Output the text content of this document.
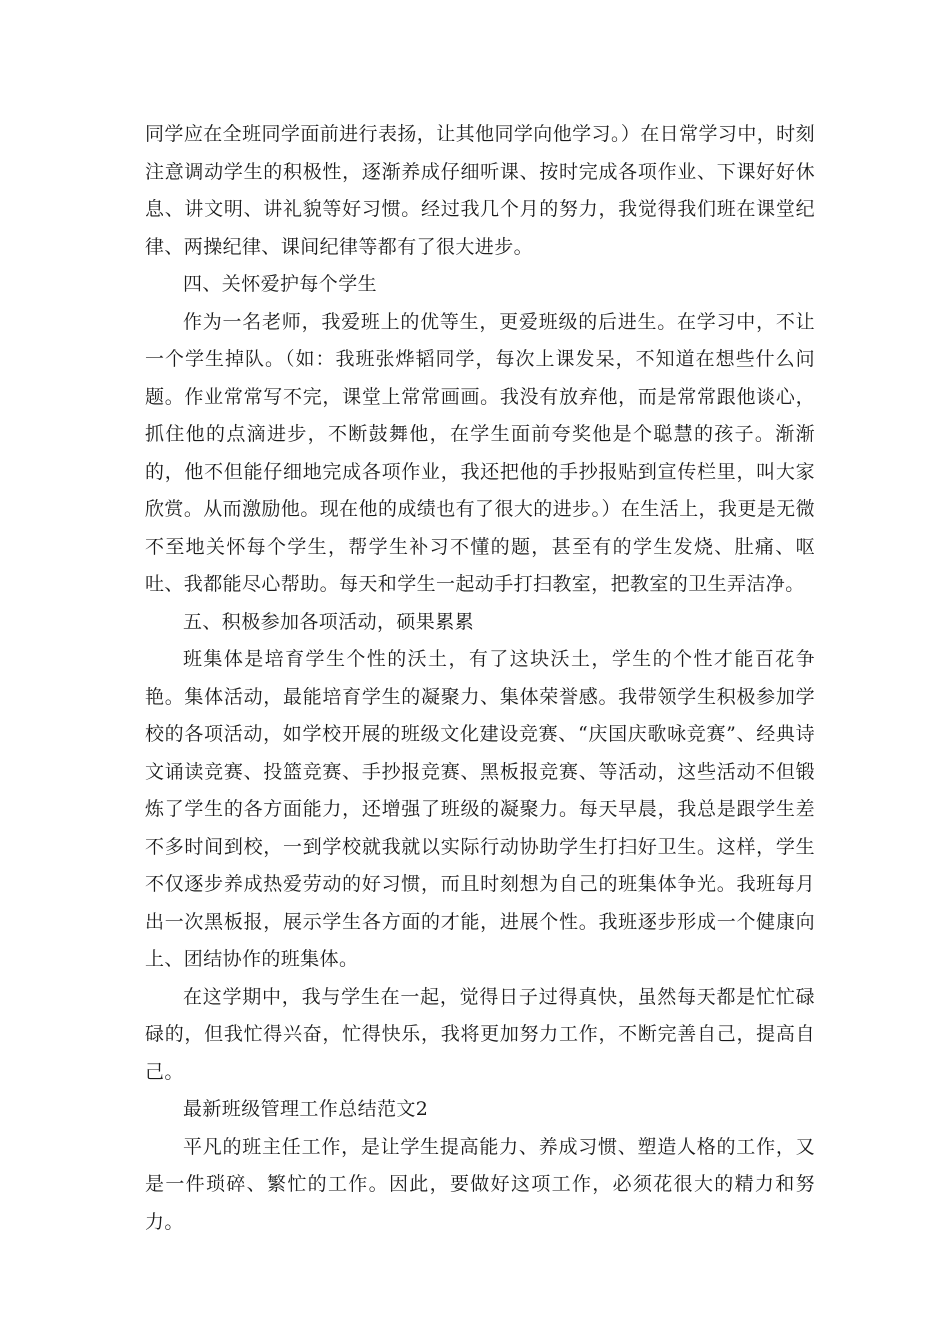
同学应在全班同学面前进行表扬，让其他同学向他学习。）在日常学习中，时刻注意调动学生的积极性，逐渐养成仔细听课、按时完成各项作业、下课好好休息、讲文明、讲礼貌等好习惯。经过我几个月的努力，我觉得我们班在课堂纪律、两操纪律、课间纪律等都有了很大进步。

四、关怀爱护每个学生

作为一名老师，我爱班上的优等生，更爱班级的后进生。在学习中，不让一个学生掉队。（如：我班张烨韬同学，每次上课发呆，不知道在想些什么问题。作业常常写不完，课堂上常常画画。我没有放弃他，而是常常跟他谈心，抓住他的点滴进步，不断鼓舞他，在学生面前夸奖他是个聪慧的孩子。渐渐的，他不但能仔细地完成各项作业，我还把他的手抄报贴到宣传栏里，叫大家欣赏。从而激励他。现在他的成绩也有了很大的进步。）在生活上，我更是无微不至地关怀每个学生，帮学生补习不懂的题，甚至有的学生发烧、肚痛、呕吐、我都能尽心帮助。每天和学生一起动手打扫教室，把教室的卫生弄洁净。

五、积极参加各项活动，硕果累累

班集体是培育学生个性的沃土，有了这块沃土，学生的个性才能百花争艳。集体活动，最能培育学生的凝聚力、集体荣誉感。我带领学生积极参加学校的各项活动，如学校开展的班级文化建设竞赛、“庆国庆歌咏竞赛”、经典诗文诵读竞赛、投篮竞赛、手抄报竞赛、黑板报竞赛、等活动，这些活动不但锻炼了学生的各方面能力，还增强了班级的凝聚力。每天早晨，我总是跟学生差不多时间到校，一到学校就我就以实际行动协助学生打扫好卫生。这样，学生不仅逐步养成热爱劳动的好习惯，而且时刻想为自己的班集体争光。我班每月出一次黑板报，展示学生各方面的才能，进展个性。我班逐步形成一个健康向上、团结协作的班集体。

在这学期中，我与学生在一起，觉得日子过得真快，虽然每天都是忙忙碌碌的，但我忙得兴奋，忙得快乐，我将更加努力工作，不断完善自己，提高自己。

最新班级管理工作总结范文2

平凡的班主任工作，是让学生提高能力、养成习惯、塑造人格的工作，又是一件琐碎、繁忙的工作。因此，要做好这项工作，必须花很大的精力和努力。
